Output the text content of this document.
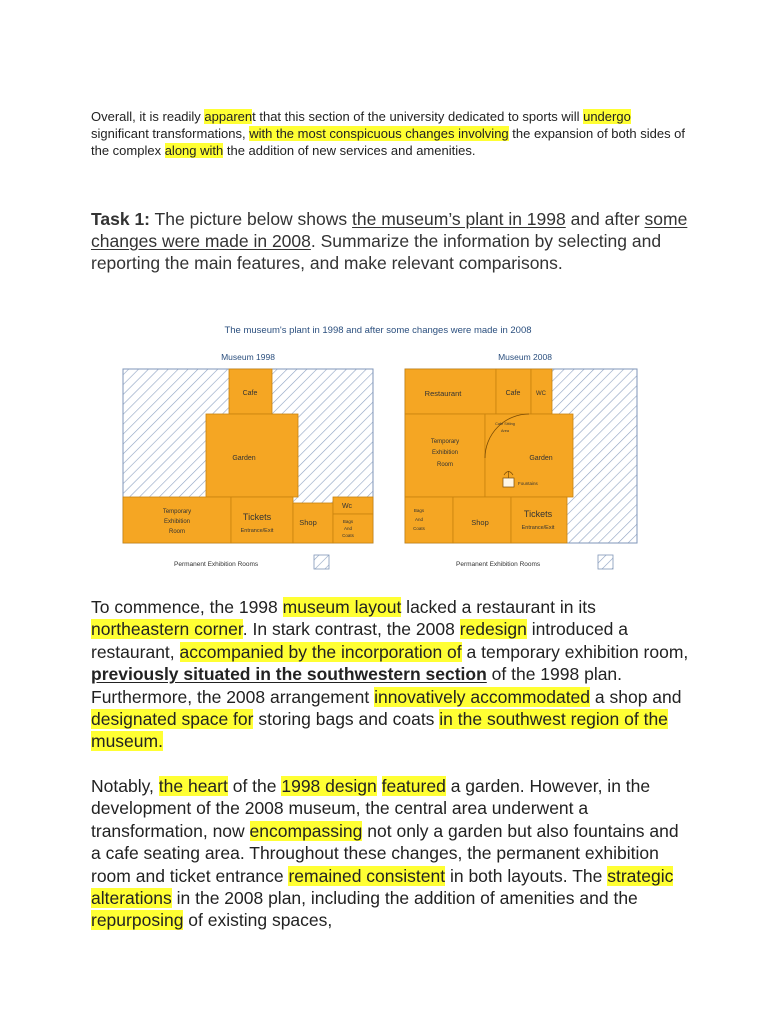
Overall, it is readily apparent that this section of the university dedicated to sports will undergo significant transformations, with the most conspicuous changes involving the expansion of both sides of the complex along with the addition of new services and amenities.
Task 1: The picture below shows the museum’s plant in 1998 and after some changes were made in 2008. Summarize the information by selecting and reporting the main features, and make relevant comparisons.
The museum's plant in 1998 and after some changes were made in 2008
Museum 1998
Cafe
Garden
Temporary
Exhibition
Room
Tickets
Entrance/Exit
Shop
Wc
Bags
And
Coats
Permanent Exhibition Rooms
Museum 2008
Restaurant	Cafe	WC
Cafe Sitting
Area
Temporary
Exhibition
Room
Garden
Fountains
Bags
And
Coats
Shop
Tickets
Entrance/Exit
Permanent Exhibition Rooms
To commence, the 1998 museum layout lacked a restaurant in its northeastern corner. In stark contrast, the 2008 redesign introduced a restaurant, accompanied by the incorporation of a temporary exhibition room, previously situated in the southwestern section of the 1998 plan. Furthermore, the 2008 arrangement innovatively accommodated a shop and designated space for storing bags and coats in the southwest region of the museum.
Notably, the heart of the 1998 design featured a garden. However, in the development of the 2008 museum, the central area underwent a transformation, now encompassing not only a garden but also fountains and a cafe seating area. Throughout these changes, the permanent exhibition room and ticket entrance remained consistent in both layouts. The strategic alterations in the 2008 plan, including the addition of amenities and the repurposing of existing spaces,
